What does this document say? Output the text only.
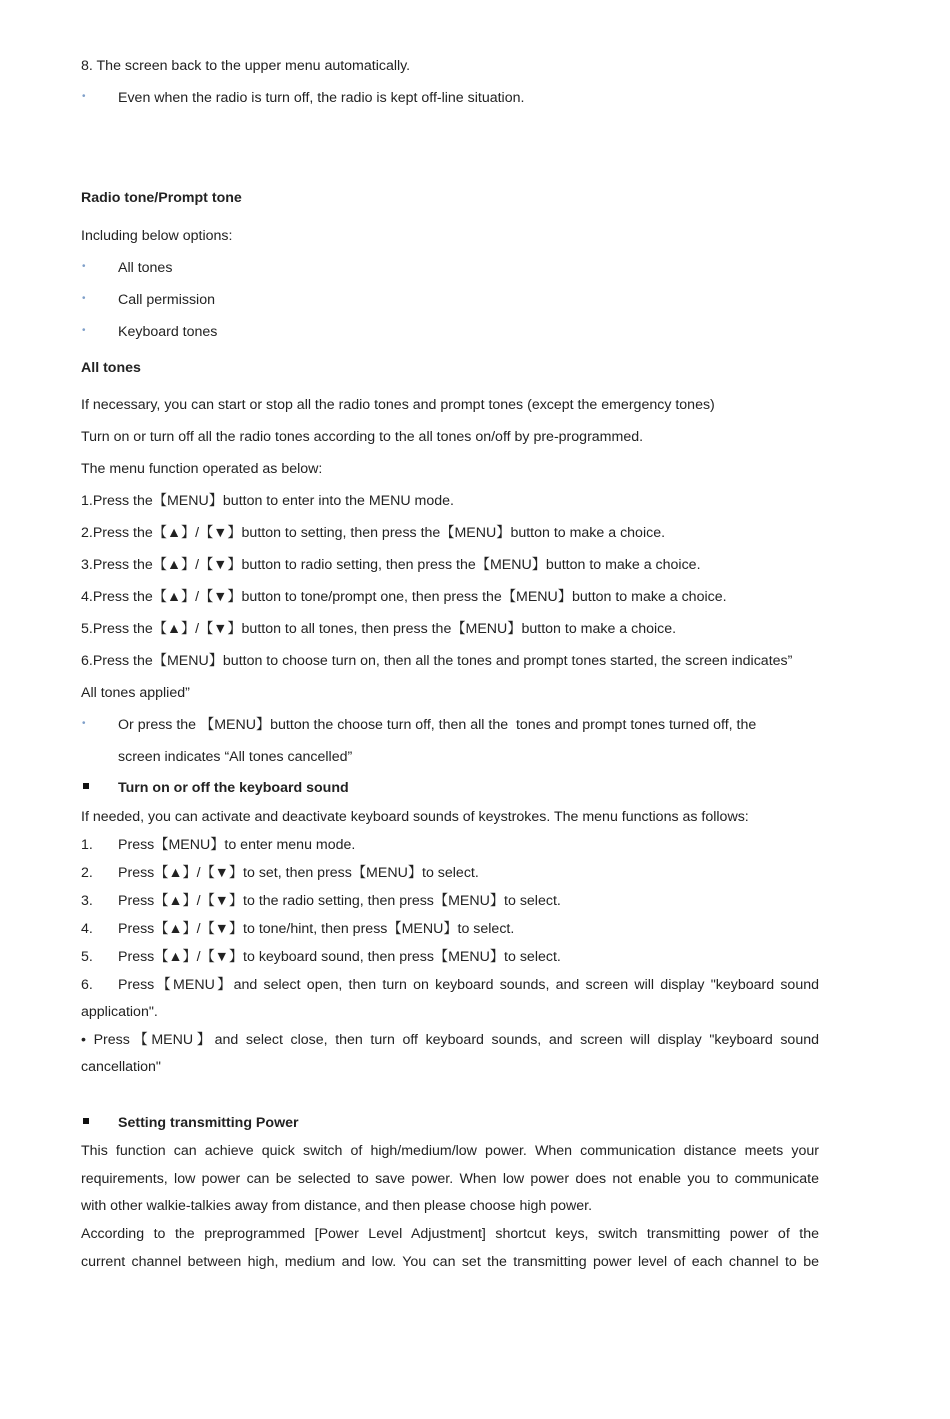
8. The screen back to the upper menu automatically.
• Even when the radio is turn off, the radio is kept off-line situation.
Radio tone/Prompt tone
Including below options:
• All tones
• Call permission
• Keyboard tones
All tones
If necessary, you can start or stop all the radio tones and prompt tones (except the emergency tones)
Turn on or turn off all the radio tones according to the all tones on/off by pre-programmed.
The menu function operated as below:
1.Press the【MENU】button to enter into the MENU mode.
2.Press the【▲】/【▼】button to setting, then press the【MENU】button to make a choice.
3.Press the【▲】/【▼】button to radio setting, then press the【MENU】button to make a choice.
4.Press the【▲】/【▼】button to tone/prompt one, then press the【MENU】button to make a choice.
5.Press the【▲】/【▼】button to all tones, then press the【MENU】button to make a choice.
6.Press the【MENU】button to choose turn on, then all the tones and prompt tones started, the screen indicates”
All tones applied”
• Or press the 【MENU】button the choose turn off, then all the  tones and prompt tones turned off, the
screen indicates “All tones cancelled”
Turn on or off the keyboard sound
If needed, you can activate and deactivate keyboard sounds of keystrokes. The menu functions as follows:
1. Press【MENU】to enter menu mode.
2. Press【▲】/【▼】to set, then press【MENU】to select.
3. Press【▲】/【▼】to the radio setting, then press【MENU】to select.
4. Press【▲】/【▼】to tone/hint, then press【MENU】to select.
5. Press【▲】/【▼】to keyboard sound, then press【MENU】to select.
6. Press【MENU】and select open, then turn on keyboard sounds, and screen will display "keyboard sound
application".
• Press【MENU】and select close, then turn off keyboard sounds, and screen will display "keyboard sound
cancellation"
Setting transmitting Power
This function can achieve quick switch of high/medium/low power. When communication distance meets your
requirements, low power can be selected to save power. When low power does not enable you to communicate
with other walkie-talkies away from distance, and then please choose high power.
According to the preprogrammed [Power Level Adjustment] shortcut keys, switch transmitting power of the
current channel between high, medium and low. You can set the transmitting power level of each channel to be
